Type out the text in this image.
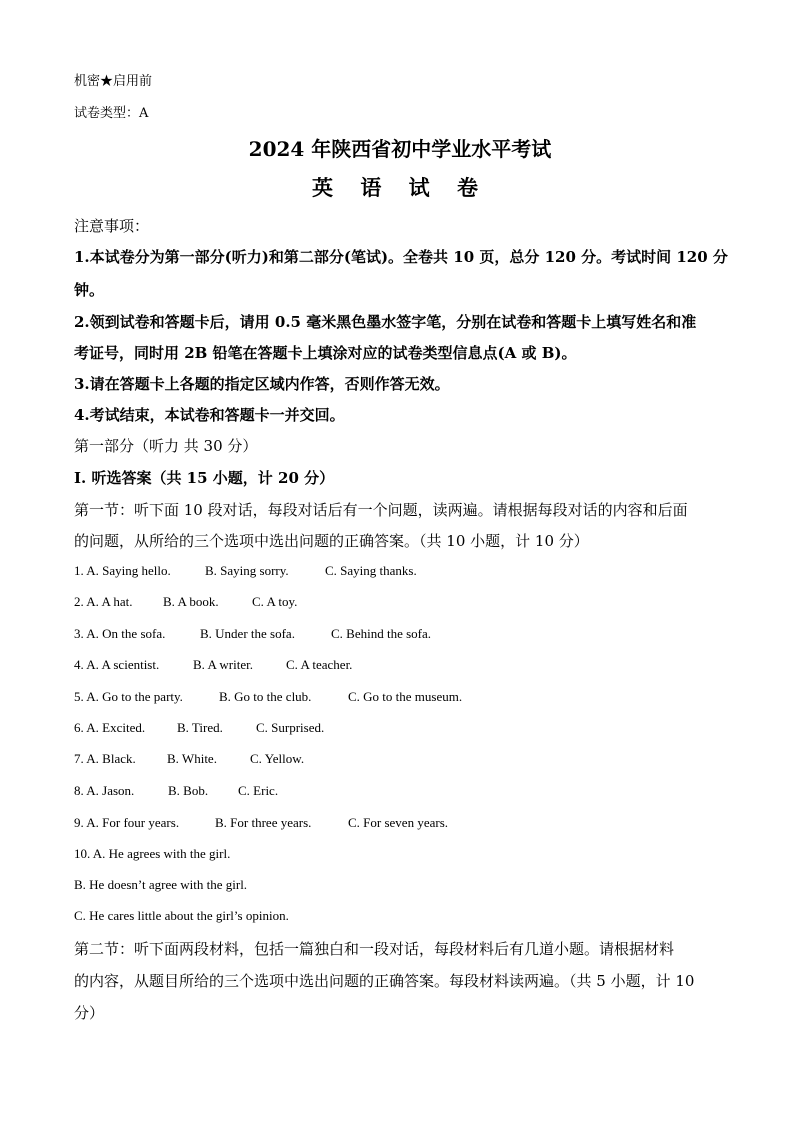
机密★启用前
试卷类型：A
2024 年陕西省初中学业水平考试
英 语 试 卷
注意事项：
1.本试卷分为第一部分(听力)和第二部分(笔试)。全卷共 10 页，总分 120 分。考试时间 120 分
钟。
2.领到试卷和答题卡后，请用 0.5 毫米黑色墨水签字笔，分别在试卷和答题卡上填写姓名和准
考证号，同时用 2B 铅笔在答题卡上填涂对应的试卷类型信息点(A 或 B)。
3.请在答题卡上各题的指定区域内作答，否则作答无效。
4.考试结束，本试卷和答题卡一并交回。
第一部分（听力 共 30 分）
I. 听选答案（共 15 小题，计 20 分）
第一节：听下面 10 段对话，每段对话后有一个问题，读两遍。请根据每段对话的内容和后面
的问题，从所给的三个选项中选出问题的正确答案。（共 10 小题，计 10 分）
1. A. Saying hello.	B. Saying sorry.	C. Saying thanks.
2. A. A hat. B. A book.	C. A toy.
3. A. On the sofa.	B. Under the sofa.	C. Behind the sofa.
4. A. A scientist.	B. A writer.	C. A teacher.
5. A. Go to the party.	B. Go to the club.	C. Go to the museum.
6. A. Excited. B. Tired.	C. Surprised.
7. A. Black. B. White.	C. Yellow.
8. A. Jason.	B. Bob. C. Eric.
9. A. For four years.	B. For three years.	C. For seven years.
10. A. He agrees with the girl.
B. He doesn’t agree with the girl.
C. He cares little about the girl’s opinion.
第二节：听下面两段材料，包括一篇独白和一段对话，每段材料后有几道小题。请根据材料
的内容，从题目所给的三个选项中选出问题的正确答案。每段材料读两遍。（共 5 小题，计 10
分）
